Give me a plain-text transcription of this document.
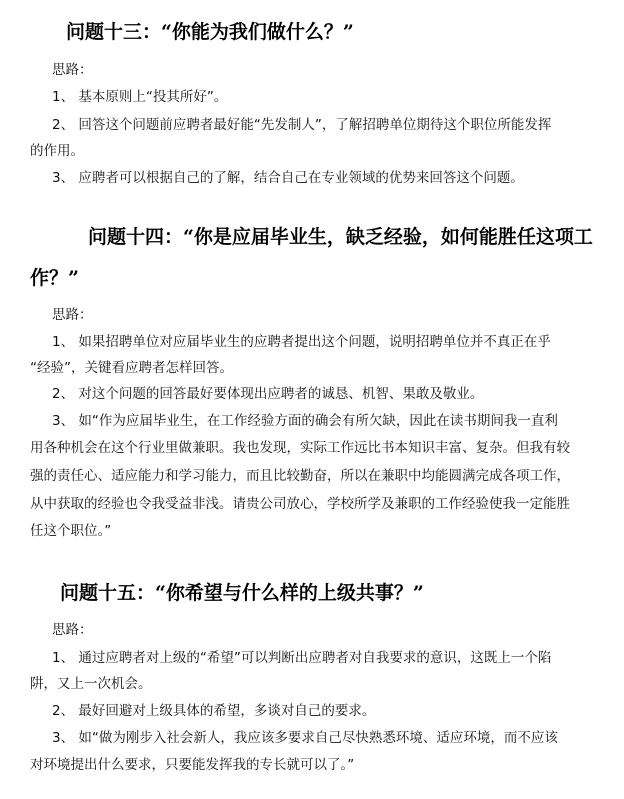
问题十三：“你能为我们做什么？”
思路：
1、 基本原则上“投其所好”。
2、 回答这个问题前应聘者最好能“先发制人”，了解招聘单位期待这个职位所能发挥
的作用。
3、 应聘者可以根据自己的了解，结合自己在专业领域的优势来回答这个问题。
问题十四：“你是应届毕业生，缺乏经验，如何能胜任这项工
作？”
思路：
1、 如果招聘单位对应届毕业生的应聘者提出这个问题，说明招聘单位并不真正在乎
“经验”，关键看应聘者怎样回答。
2、 对这个问题的回答最好要体现出应聘者的诚恳、机智、果敢及敬业。
3、 如“作为应届毕业生，在工作经验方面的确会有所欠缺，因此在读书期间我一直利
用各种机会在这个行业里做兼职。我也发现，实际工作远比书本知识丰富、复杂。但我有较
强的责任心、适应能力和学习能力，而且比较勤奋，所以在兼职中均能圆满完成各项工作，
从中获取的经验也令我受益非浅。请贵公司放心，学校所学及兼职的工作经验使我一定能胜
任这个职位。”
问题十五：“你希望与什么样的上级共事？”
思路：
1、 通过应聘者对上级的“希望”可以判断出应聘者对自我要求的意识，这既上一个陷
阱，又上一次机会。
2、 最好回避对上级具体的希望，多谈对自己的要求。
3、 如“做为刚步入社会新人，我应该多要求自己尽快熟悉环境、适应环境，而不应该
对环境提出什么要求，只要能发挥我的专长就可以了。”
